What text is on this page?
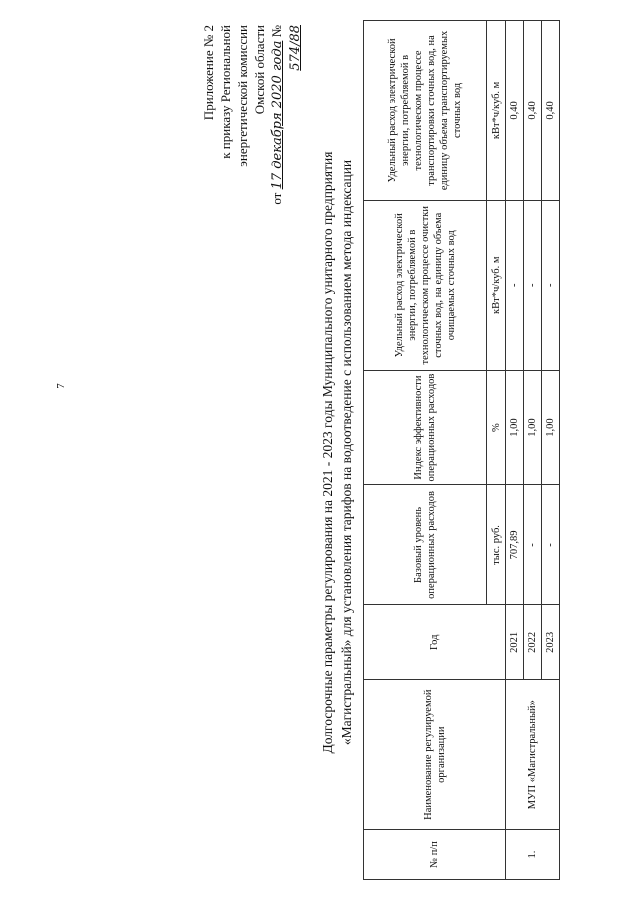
7
Приложение № 2 к приказу Региональной энергетической комиссии Омской области
от 17 декабря 2020 года № 574/88
Долгосрочные параметры регулирования на 2021 - 2023 годы Муниципального унитарного предприятия «Магистральный» для установления тарифов на водоотведение с использованием метода индексации
№ п/п	Наименование регулируемой организации	Год	Базовый уровень операционных расходов	Индекс эффективности операционных расходов	Удельный расход электрической энергии, потребляемой в технологическом процессе очистки сточных вод, на единицу объема очищаемых сточных вод	Удельный расход электрической энергии, потребляемой в технологическом процессе транспортировки сточных вод, на единицу объема транспортируемых сточных вод
			тыс. руб.	%	кВт*ч/куб. м	кВт*ч/куб. м
1.	МУП «Магистральный»	2021	707,89	1,00	-	0,40
		2022	-	1,00	-	0,40
		2023	-	1,00	-	0,40
